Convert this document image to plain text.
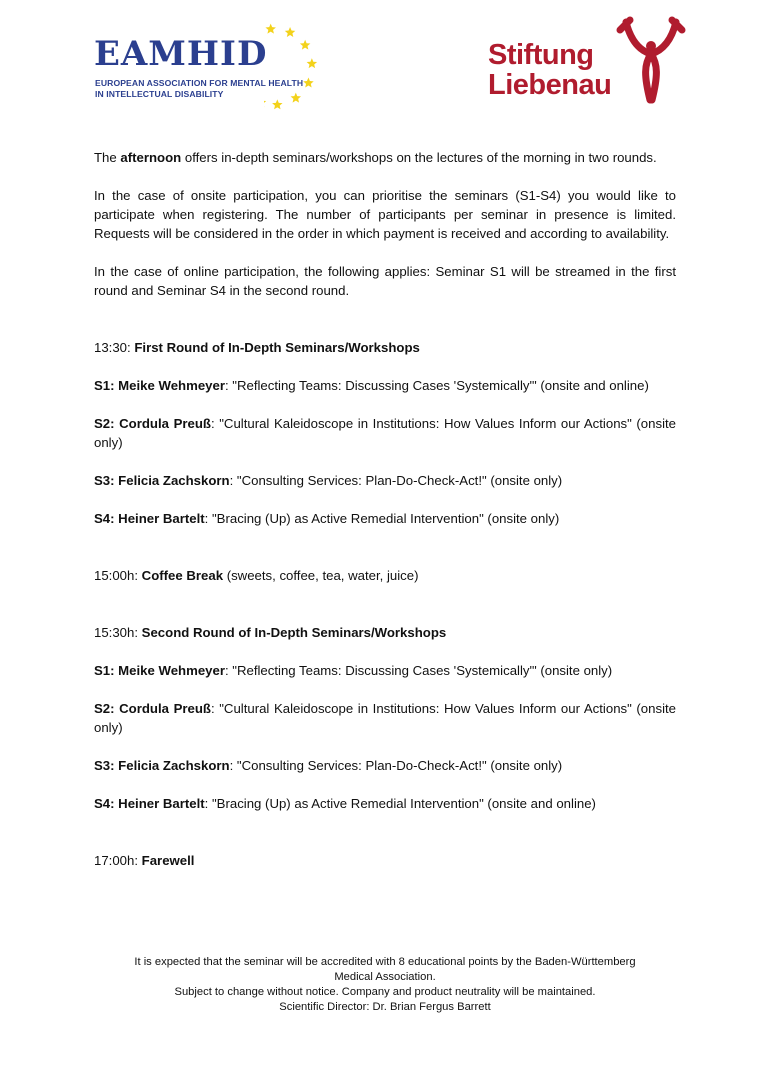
EAMHID
EUROPEAN ASSOCIATION FOR MENTAL HEALTH
IN INTELLECTUAL DISABILITY
Stiftung
Liebenau

The afternoon offers in-depth seminars/workshops on the lectures of the morning in two rounds.

In the case of onsite participation, you can prioritise the seminars (S1-S4) you would like to participate when registering. The number of participants per seminar in presence is limited. Requests will be considered in the order in which payment is received and according to availability.

In the case of online participation, the following applies: Seminar S1 will be streamed in the first round and Seminar S4 in the second round.

13:30: First Round of In-Depth Seminars/Workshops

S1: Meike Wehmeyer: "Reflecting Teams: Discussing Cases 'Systemically'" (onsite and online)

S2: Cordula Preuß: "Cultural Kaleidoscope in Institutions: How Values Inform our Actions" (onsite only)

S3: Felicia Zachskorn: "Consulting Services: Plan-Do-Check-Act!" (onsite only)

S4: Heiner Bartelt: "Bracing (Up) as Active Remedial Intervention" (onsite only)

15:00h: Coffee Break (sweets, coffee, tea, water, juice)

15:30h: Second Round of In-Depth Seminars/Workshops

S1: Meike Wehmeyer: "Reflecting Teams: Discussing Cases 'Systemically'" (onsite only)

S2: Cordula Preuß: "Cultural Kaleidoscope in Institutions: How Values Inform our Actions" (onsite only)

S3: Felicia Zachskorn: "Consulting Services: Plan-Do-Check-Act!" (onsite only)

S4: Heiner Bartelt: "Bracing (Up) as Active Remedial Intervention" (onsite and online)

17:00h: Farewell

It is expected that the seminar will be accredited with 8 educational points by the Baden-Württemberg
Medical Association.
Subject to change without notice. Company and product neutrality will be maintained.
Scientific Director: Dr. Brian Fergus Barrett
